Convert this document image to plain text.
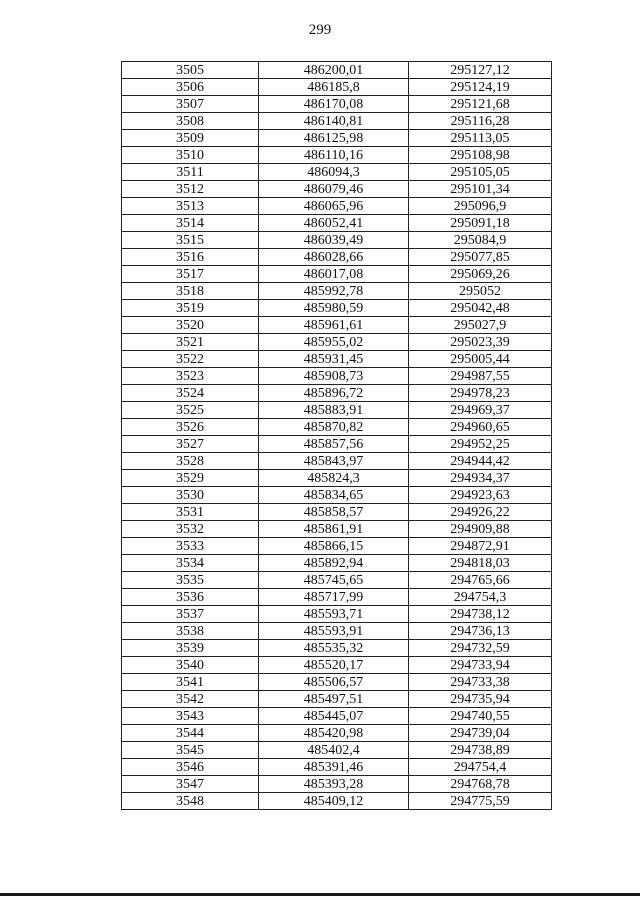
299
3505	486200,01	295127,12
3506	486185,8	295124,19
3507	486170,08	295121,68
3508	486140,81	295116,28
3509	486125,98	295113,05
3510	486110,16	295108,98
3511	486094,3	295105,05
3512	486079,46	295101,34
3513	486065,96	295096,9
3514	486052,41	295091,18
3515	486039,49	295084,9
3516	486028,66	295077,85
3517	486017,08	295069,26
3518	485992,78	295052
3519	485980,59	295042,48
3520	485961,61	295027,9
3521	485955,02	295023,39
3522	485931,45	295005,44
3523	485908,73	294987,55
3524	485896,72	294978,23
3525	485883,91	294969,37
3526	485870,82	294960,65
3527	485857,56	294952,25
3528	485843,97	294944,42
3529	485824,3	294934,37
3530	485834,65	294923,63
3531	485858,57	294926,22
3532	485861,91	294909,88
3533	485866,15	294872,91
3534	485892,94	294818,03
3535	485745,65	294765,66
3536	485717,99	294754,3
3537	485593,71	294738,12
3538	485593,91	294736,13
3539	485535,32	294732,59
3540	485520,17	294733,94
3541	485506,57	294733,38
3542	485497,51	294735,94
3543	485445,07	294740,55
3544	485420,98	294739,04
3545	485402,4	294738,89
3546	485391,46	294754,4
3547	485393,28	294768,78
3548	485409,12	294775,59
